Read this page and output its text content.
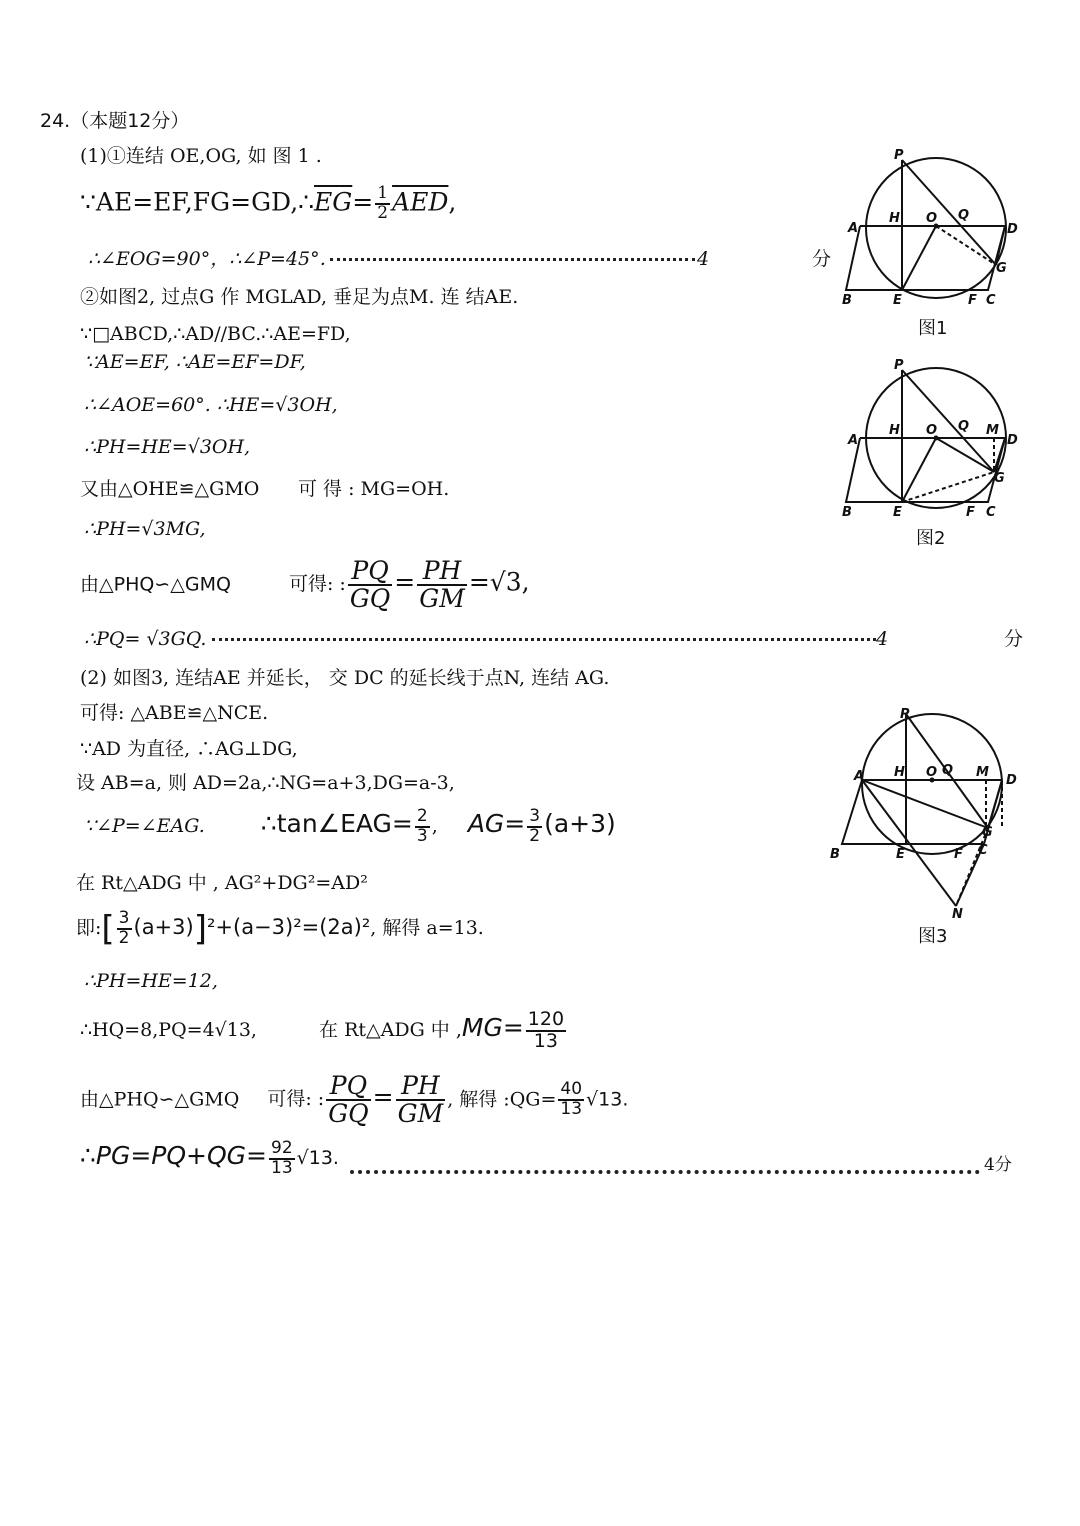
24.（本题12分）
(1)①连结 OE,OG, 如 图 1 .
$\because AE=EF,FG=GD,\therefore\overline{EG}= \frac{1}{2} \overline{AED}$,
∴∠EOG=90°，∴∠P=45°．	4	分
②如图2, 过点G 作 MGLAD, 垂足为点M. 连 结AE.
∵□ABCD,∴AD//BC.∴AE=FD,
∵AE=EF, ∴AE=EF=DF,
∴∠AOE=60°. ∴HE=√3OH,
∴PH=HE=√3OH,
又由△OHE≌△GMO 可 得 : MG=OH.
∴PH=√3MG,
由△PHQ∽△GMQ	可得: : $\frac{PQ}{GQ} = \frac{PH}{GM} =√3$,
∴PQ= √3GQ.	4	分
(2) 如图3, 连结AE 并延长， 交 DC 的延长线于点N, 连结 AG.
可得: △ABE≌△NCE.
∵AD 为直径, ∴AG⊥DG,
设 AB=a, 则 AD=2a,∴NG=a+3,DG=a-3,
∵∠P=∠EAG. ∴tan∠EAG= $\frac{2}{3}$ , $AG= \frac{3}{2} (a+3)$
在 Rt△ADG 中 , AG²+DG²=AD²
即:[ $\frac{3}{2} (a+3)]^2+(a-3)^2=(2a)^2$, 解得 a=13.
∴PH=HE=12,
∴HQ=8,PQ=4√13,	在 Rt△ADG 中 $,MG= \frac{120}{13}$
由△PHQ∽△GMQ 可得: : $\frac{PQ}{GQ} = \frac{PH}{GM}$ , 解得 :QG= $\frac{40}{13} √13$.
∴PG=PQ+QG= $\frac{92}{13} √13$.	4分
P
A
H O Q
D
G
B	E	F C
图1
P
A
H O Q M
D
G
B	E	F C
图2
P
A H O Q M
D
G
B	E	F C
N
图3
